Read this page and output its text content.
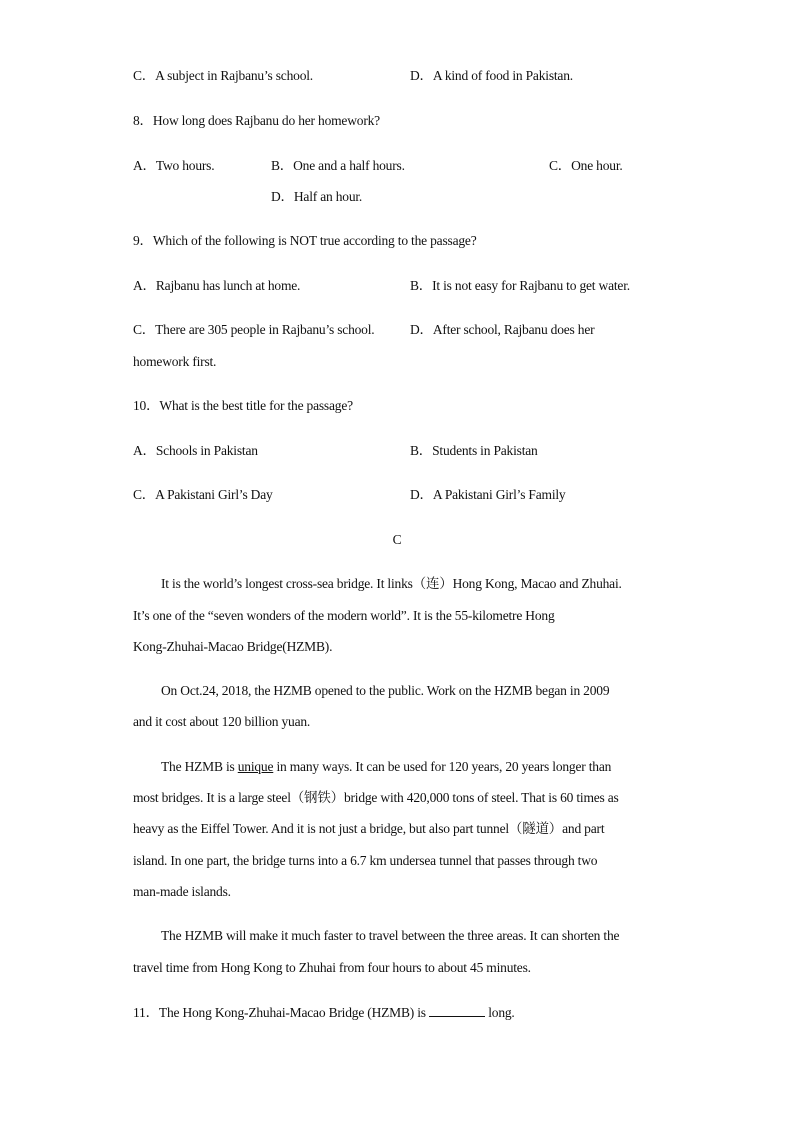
C．A subject in Rajbanu’s school.	D．A kind of food in Pakistan.
8．How long does Rajbanu do her homework?
A．Two hours.	B．One and a half hours.	C．One hour.
D．Half an hour.
9．Which of the following is NOT true according to the passage?
A．Rajbanu has lunch at home.	B．It is not easy for Rajbanu to get water.
C．There are 305 people in Rajbanu’s school.	D．After school, Rajbanu does her
homework first.
10．What is the best title for the passage?
A．Schools in Pakistan	B．Students in Pakistan
C．A Pakistani Girl’s Day	D．A Pakistani Girl’s Family
C
It is the world’s longest cross-sea bridge. It links（连）Hong Kong, Macao and Zhuhai.
It’s one of the “seven wonders of the modern world”. It is the 55-kilometre Hong
Kong-Zhuhai-Macao Bridge(HZMB).
On Oct.24, 2018, the HZMB opened to the public. Work on the HZMB began in 2009
and it cost about 120 billion yuan.
The HZMB is unique in many ways. It can be used for 120 years, 20 years longer than
most bridges. It is a large steel（钢铁）bridge with 420,000 tons of steel. That is 60 times as
heavy as the Eiffel Tower. And it is not just a bridge, but also part tunnel（隧道）and part
island. In one part, the bridge turns into a 6.7 km undersea tunnel that passes through two
man-made islands.
The HZMB will make it much faster to travel between the three areas. It can shorten the
travel time from Hong Kong to Zhuhai from four hours to about 45 minutes.
11．The Hong Kong-Zhuhai-Macao Bridge (HZMB) is	long.
